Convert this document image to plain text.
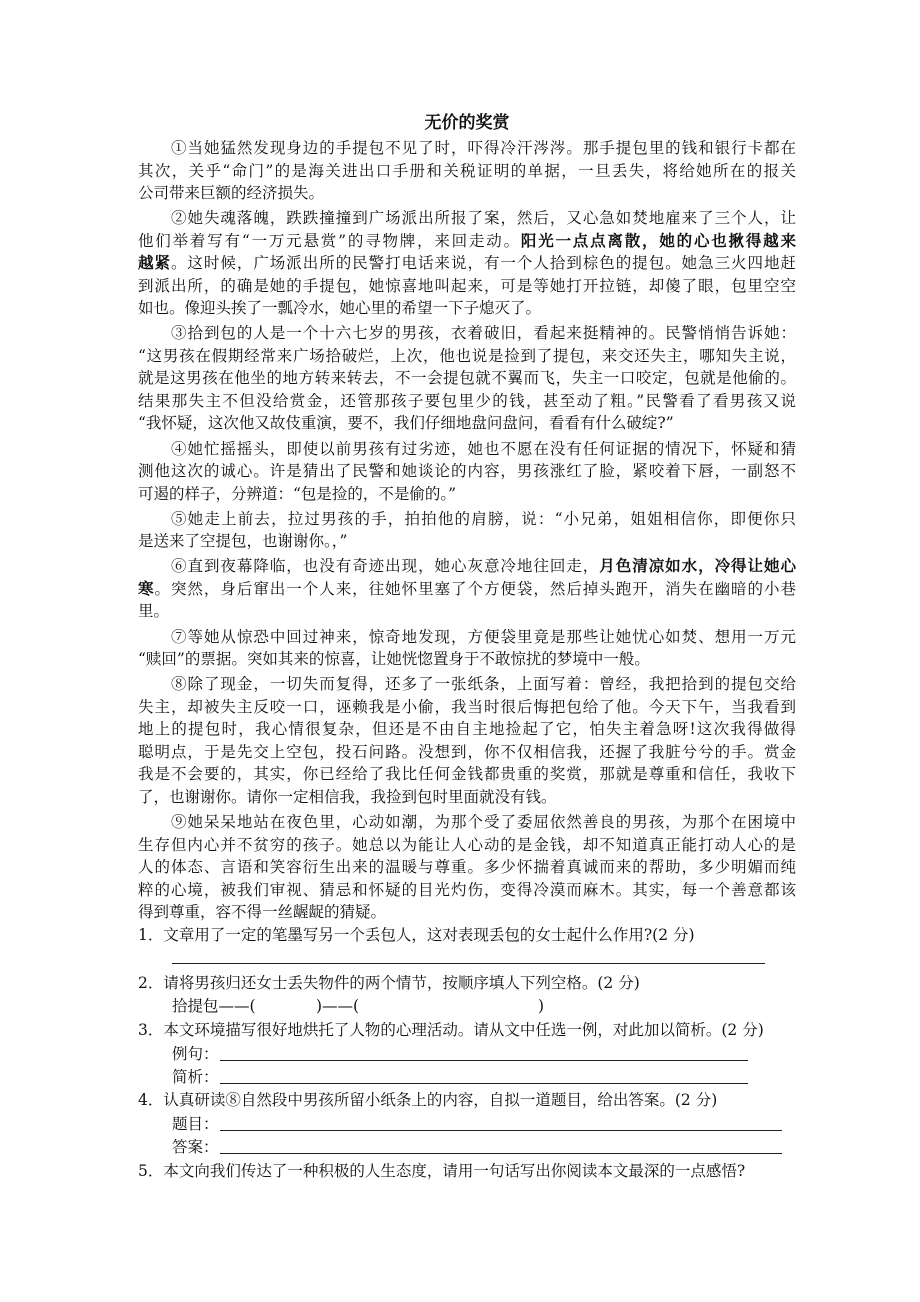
无价的奖赏
①当她猛然发现身边的手提包不见了时，吓得冷汗涔涔。那手提包里的钱和银行卡都在
其次，关乎“命门”的是海关进出口手册和关税证明的单据，一旦丢失，将给她所在的报关
公司带来巨额的经济损失。
②她失魂落魄，跌跌撞撞到广场派出所报了案，然后，又心急如焚地雇来了三个人，让
他们举着写有“一万元悬赏”的寻物牌，来回走动。阳光一点点离散，她的心也揪得越来
越紧。这时候，广场派出所的民警打电话来说，有一个人拾到棕色的提包。她急三火四地赶
到派出所，的确是她的手提包，她惊喜地叫起来，可是等她打开拉链，却傻了眼，包里空空
如也。像迎头挨了一瓢冷水，她心里的希望一下子熄灭了。
③拾到包的人是一个十六七岁的男孩，衣着破旧，看起来挺精神的。民警悄悄告诉她：
“这男孩在假期经常来广场拾破烂，上次，他也说是捡到了提包，来交还失主，哪知失主说，
就是这男孩在他坐的地方转来转去，不一会提包就不翼而飞，失主一口咬定，包就是他偷的。
结果那失主不但没给赏金，还管那孩子要包里少的钱，甚至动了粗。”民警看了看男孩又说
“我怀疑，这次他又故伎重演，要不，我们仔细地盘问盘问，看看有什么破绽?”
④她忙摇摇头，即使以前男孩有过劣迹，她也不愿在没有任何证据的情况下，怀疑和猜
测他这次的诚心。许是猜出了民警和她谈论的内容，男孩涨红了脸，紧咬着下唇，一副怒不
可遏的样子，分辨道：“包是捡的，不是偷的。”
⑤她走上前去，拉过男孩的手，拍拍他的肩膀，说：“小兄弟，姐姐相信你，即便你只
是送来了空提包，也谢谢你。，”
⑥直到夜幕降临，也没有奇迹出现，她心灰意冷地往回走，月色清凉如水，冷得让她心
寒。突然，身后窜出一个人来，往她怀里塞了个方便袋，然后掉头跑开，消失在幽暗的小巷
里。
⑦等她从惊恐中回过神来，惊奇地发现，方便袋里竟是那些让她忧心如焚、想用一万元
“赎回”的票据。突如其来的惊喜，让她恍惚置身于不敢惊扰的梦境中一般。
⑧除了现金，一切失而复得，还多了一张纸条，上面写着：曾经，我把拾到的提包交给
失主，却被失主反咬一口，诬赖我是小偷，我当时很后悔把包给了他。今天下午，当我看到
地上的提包时，我心情很复杂，但还是不由自主地捡起了它，怕失主着急呀!这次我得做得
聪明点，于是先交上空包，投石问路。没想到，你不仅相信我，还握了我脏兮兮的手。赏金
我是不会要的，其实，你已经给了我比任何金钱都贵重的奖赏，那就是尊重和信任，我收下
了，也谢谢你。请你一定相信我，我捡到包时里面就没有钱。
⑨她呆呆地站在夜色里，心动如潮，为那个受了委屈依然善良的男孩，为那个在困境中
生存但内心并不贫穷的孩子。她总以为能让人心动的是金钱，却不知道真正能打动人心的是
人的体态、言语和笑容衍生出来的温暖与尊重。多少怀揣着真诚而来的帮助，多少明媚而纯
粹的心境，被我们审视、猜忌和怀疑的目光灼伤，变得冷漠而麻木。其实，每一个善意都该
得到尊重，容不得一丝龌龊的猜疑。
1．文章用了一定的笔墨写另一个丢包人，这对表现丢包的女士起什么作用?(2 分)
2．请将男孩归还女士丢失物件的两个情节，按顺序填人下列空格。(2 分)
拾提包——(	)——(	)
3．本文环境描写很好地烘托了人物的心理活动。请从文中任选一例，对此加以简析。(2 分)
例句：
简析：
4．认真研读⑧自然段中男孩所留小纸条上的内容，自拟一道题目，给出答案。(2 分)
题目：
答案：
5．本文向我们传达了一种积极的人生态度，请用一句话写出你阅读本文最深的一点感悟?
